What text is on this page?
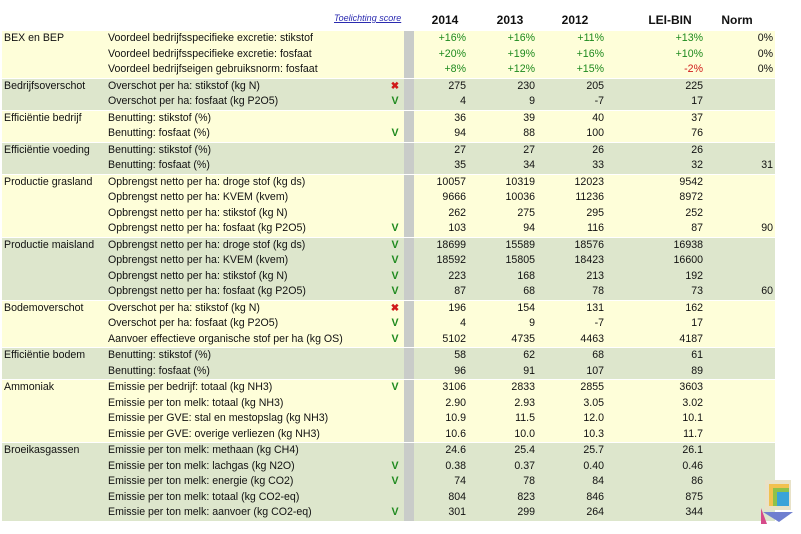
Toelichting score	2014	2013	2012	LEI-BIN	Norm
BEX en BEP	Voordeel bedrijfsspecifieke excretie: stikstof			+16%	+16%	+11%	+13%	0%
	Voordeel bedrijfsspecifieke excretie: fosfaat			+20%	+19%	+16%	+10%	0%
	Voordeel bedrijfseigen gebruiksnorm: fosfaat			+8%	+12%	+15%	-2%	0%
Bedrijfsoverschot	Overschot per ha: stikstof (kg N)	✖		275	230	205	225	
	Overschot per ha: fosfaat (kg P2O5)	V		4	9	-7	17	
Efficiëntie bedrijf	Benutting: stikstof (%)			36	39	40	37	
	Benutting: fosfaat (%)	V		94	88	100	76	
Efficiëntie voeding	Benutting: stikstof (%)			27	27	26	26	
	Benutting: fosfaat (%)			35	34	33	32	31
Productie grasland	Opbrengst netto per ha: droge stof (kg ds)			10057	10319	12023	9542	
	Opbrengst netto per ha: KVEM (kvem)			9666	10036	11236	8972	
	Opbrengst netto per ha: stikstof (kg N)			262	275	295	252	
	Opbrengst netto per ha: fosfaat (kg P2O5)	V		103	94	116	87	90
Productie maisland	Opbrengst netto per ha: droge stof (kg ds)	V		18699	15589	18576	16938	
	Opbrengst netto per ha: KVEM (kvem)	V		18592	15805	18423	16600	
	Opbrengst netto per ha: stikstof (kg N)	V		223	168	213	192	
	Opbrengst netto per ha: fosfaat (kg P2O5)	V		87	68	78	73	60
Bodemoverschot	Overschot per ha: stikstof (kg N)	✖		196	154	131	162	
	Overschot per ha: fosfaat (kg P2O5)	V		4	9	-7	17	
	Aanvoer effectieve organische stof per ha (kg OS)	V		5102	4735	4463	4187	
Efficiëntie bodem	Benutting: stikstof (%)			58	62	68	61	
	Benutting: fosfaat (%)			96	91	107	89	
Ammoniak	Emissie per bedrijf: totaal (kg NH3)	V		3106	2833	2855	3603	
	Emissie per ton melk: totaal (kg NH3)			2.90	2.93	3.05	3.02	
	Emissie per GVE: stal en mestopslag (kg NH3)			10.9	11.5	12.0	10.1	
	Emissie per GVE: overige verliezen (kg NH3)			10.6	10.0	10.3	11.7	
Broeikasgassen	Emissie per ton melk: methaan (kg CH4)			24.6	25.4	25.7	26.1	
	Emissie per ton melk: lachgas (kg N2O)	V		0.38	0.37	0.40	0.46	
	Emissie per ton melk: energie (kg CO2)	V		74	78	84	86	
	Emissie per ton melk: totaal (kg CO2-eq)			804	823	846	875	
	Emissie per ton melk: aanvoer (kg CO2-eq)	V		301	299	264	344	
